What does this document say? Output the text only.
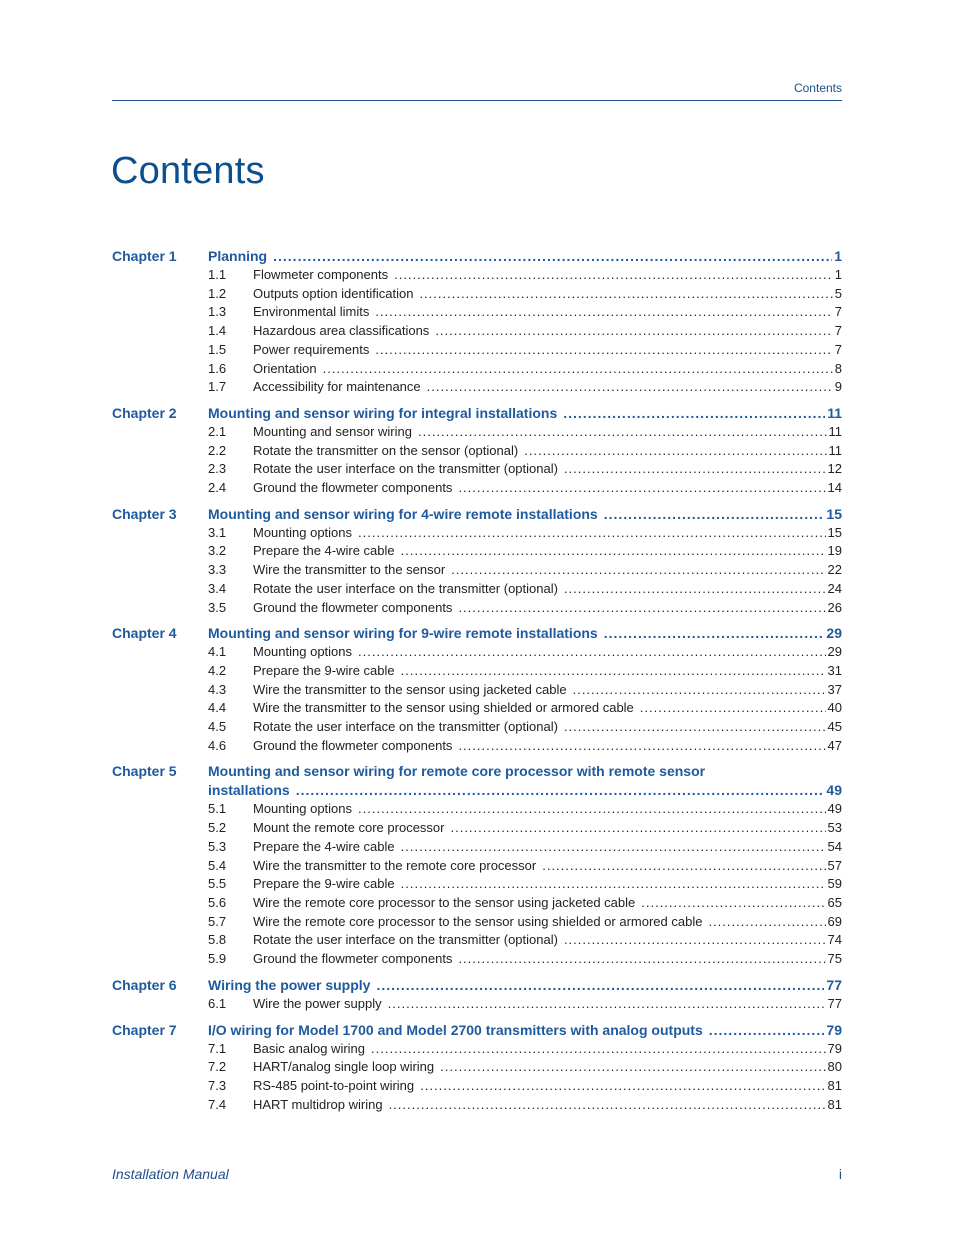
Contents
Contents
Chapter 1 Planning .....	1
1.1	Flowmeter components .....	1
1.2	Outputs option identification .....	5
1.3	Environmental limits .....	7
1.4	Hazardous area classifications .....	7
1.5	Power requirements .....	7
1.6	Orientation .....	8
1.7	Accessibility for maintenance .....	9
Chapter 2 Mounting and sensor wiring for integral installations .....	11
2.1	Mounting and sensor wiring .....	11
2.2	Rotate the transmitter on the sensor (optional) .....	11
2.3	Rotate the user interface on the transmitter (optional) .....	12
2.4	Ground the flowmeter components .....	14
Chapter 3 Mounting and sensor wiring for 4-wire remote installations .....	15
3.1	Mounting options .....	15
3.2	Prepare the 4-wire cable .....	19
3.3	Wire the transmitter to the sensor .....	22
3.4	Rotate the user interface on the transmitter (optional) .....	24
3.5	Ground the flowmeter components .....	26
Chapter 4 Mounting and sensor wiring for 9-wire remote installations .....	29
4.1	Mounting options .....	29
4.2	Prepare the 9-wire cable .....	31
4.3	Wire the transmitter to the sensor using jacketed cable .....	37
4.4	Wire the transmitter to the sensor using shielded or armored cable .....	40
4.5	Rotate the user interface on the transmitter (optional) .....	45
4.6	Ground the flowmeter components .....	47
Chapter 5 Mounting and sensor wiring for remote core processor with remote sensor
installations .....	49
5.1	Mounting options .....	49
5.2	Mount the remote core processor .....	53
5.3	Prepare the 4-wire cable .....	54
5.4	Wire the transmitter to the remote core processor .....	57
5.5	Prepare the 9-wire cable .....	59
5.6	Wire the remote core processor to the sensor using jacketed cable .....	65
5.7	Wire the remote core processor to the sensor using shielded or armored cable .....	69
5.8	Rotate the user interface on the transmitter (optional) .....	74
5.9	Ground the flowmeter components .....	75
Chapter 6 Wiring the power supply .....	77
6.1	Wire the power supply .....	77
Chapter 7 I/O wiring for Model 1700 and Model 2700 transmitters with analog outputs .....	79
7.1	Basic analog wiring .....	79
7.2	HART/analog single loop wiring .....	80
7.3	RS-485 point-to-point wiring .....	81
7.4	HART multidrop wiring .....	81
Installation Manual	i
